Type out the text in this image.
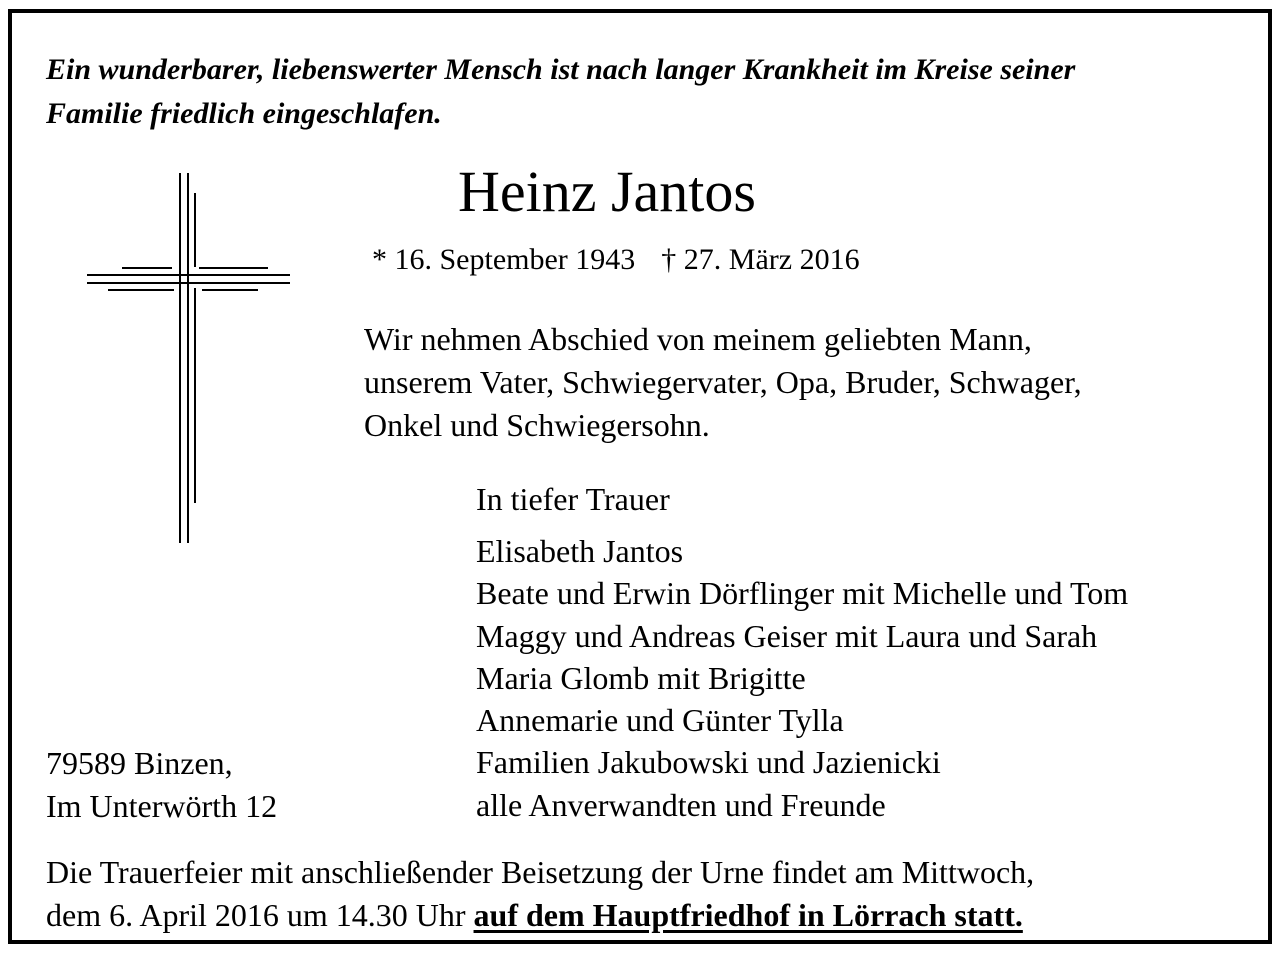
Ein wunderbarer, liebenswerter Mensch ist nach langer Krankheit im Kreise seiner
Familie friedlich eingeschlafen.
Heinz Jantos
* 16. September 1943 † 27. März 2016
Wir nehmen Abschied von meinem geliebten Mann,
unserem Vater, Schwiegervater, Opa, Bruder, Schwager,
Onkel und Schwiegersohn.
In tiefer Trauer
Elisabeth Jantos
Beate und Erwin Dörflinger mit Michelle und Tom
Maggy und Andreas Geiser mit Laura und Sarah
Maria Glomb mit Brigitte
Annemarie und Günter Tylla
Familien Jakubowski und Jazienicki
alle Anverwandten und Freunde
79589 Binzen,
Im Unterwörth 12
Die Trauerfeier mit anschließender Beisetzung der Urne findet am Mittwoch,
dem 6. April 2016 um 14.30 Uhr auf dem Hauptfriedhof in Lörrach statt.
